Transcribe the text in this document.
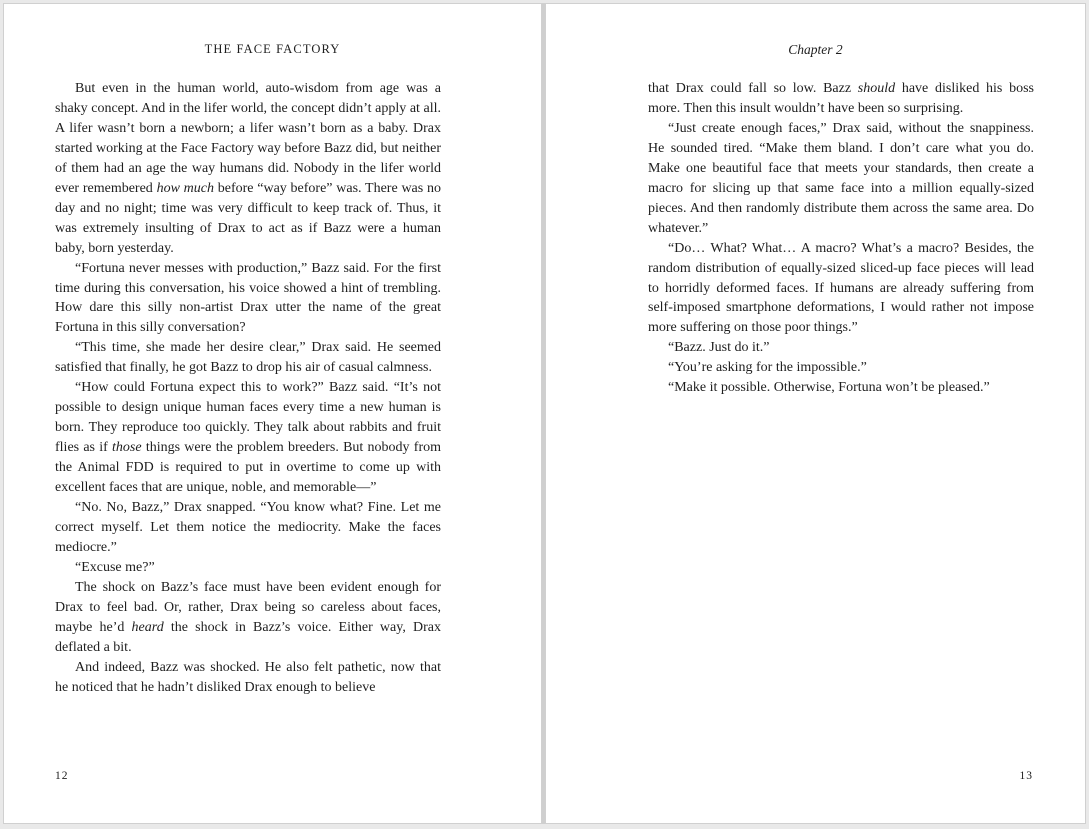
THE FACE FACTORY

But even in the human world, auto-wisdom from age was a shaky concept. And in the lifer world, the concept didn’t apply at all. A lifer wasn’t born a newborn; a lifer wasn’t born as a baby. Drax started working at the Face Factory way before Bazz did, but neither of them had an age the way humans did. Nobody in the lifer world ever remembered how much before “way before” was. There was no day and no night; time was very difficult to keep track of. Thus, it was extremely insulting of Drax to act as if Bazz were a human baby, born yesterday.

“Fortuna never messes with production,” Bazz said. For the first time during this conversation, his voice showed a hint of trembling. How dare this silly non-artist Drax utter the name of the great Fortuna in this silly conversation?

“This time, she made her desire clear,” Drax said. He seemed satisfied that finally, he got Bazz to drop his air of casual calmness.

“How could Fortuna expect this to work?” Bazz said. “It’s not possible to design unique human faces every time a new human is born. They reproduce too quickly. They talk about rabbits and fruit flies as if those things were the problem breeders. But nobody from the Animal FDD is required to put in overtime to come up with excellent faces that are unique, noble, and memorable—”

“No. No, Bazz,” Drax snapped. “You know what? Fine. Let me correct myself. Let them notice the mediocrity. Make the faces mediocre.”

“Excuse me?”

The shock on Bazz’s face must have been evident enough for Drax to feel bad. Or, rather, Drax being so careless about faces, maybe he’d heard the shock in Bazz’s voice. Either way, Drax deflated a bit.

And indeed, Bazz was shocked. He also felt pathetic, now that he noticed that he hadn’t disliked Drax enough to believe

12
Chapter 2

that Drax could fall so low. Bazz should have disliked his boss more. Then this insult wouldn’t have been so surprising.

“Just create enough faces,” Drax said, without the snappiness. He sounded tired. “Make them bland. I don’t care what you do. Make one beautiful face that meets your standards, then create a macro for slicing up that same face into a million equally-sized pieces. And then randomly distribute them across the same area. Do whatever.”

“Do… What? What… A macro? What’s a macro? Besides, the random distribution of equally-sized sliced-up face pieces will lead to horridly deformed faces. If humans are already suffering from self-imposed smartphone deformations, I would rather not impose more suffering on those poor things.”

“Bazz. Just do it.”

“You’re asking for the impossible.”

“Make it possible. Otherwise, Fortuna won’t be pleased.”

13
